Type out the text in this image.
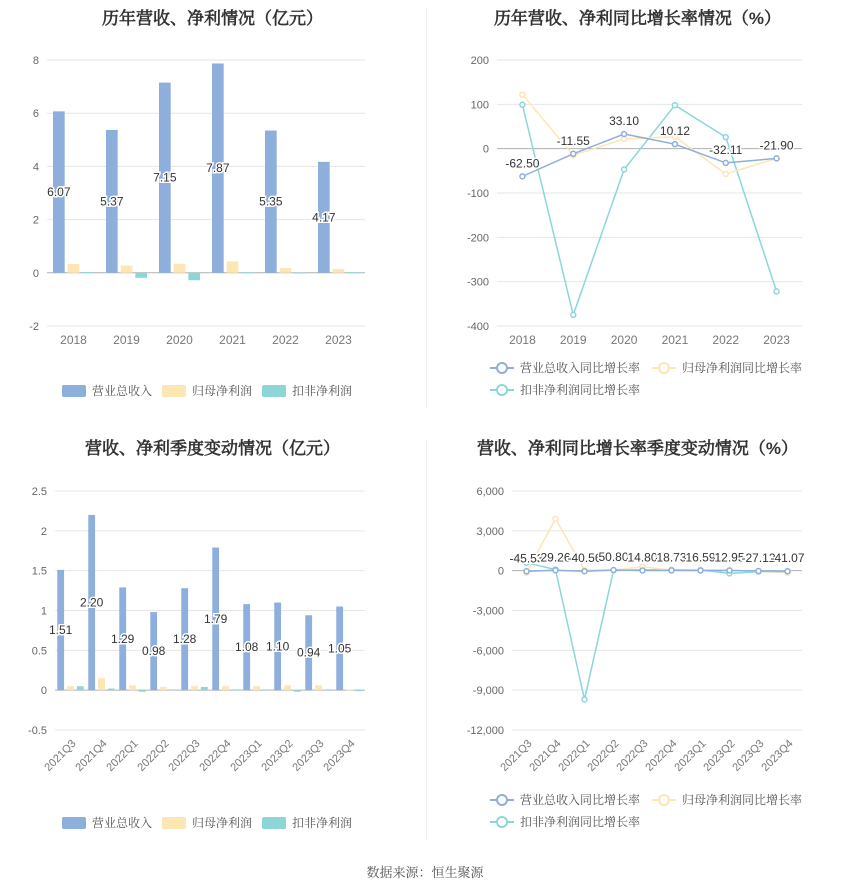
历年营收、净利情况（亿元）
-2
0
2
4
6
8
2018 2019 2020 2021 2022 2023
6.07
5.37
7.15
7.87
5.35
4.17
营业总收入	归母净利润	扣非净利润
历年营收、净利同比增长率情况（%）
-400
-300
-200
-100
0
100
200
2018 2019 2020 2021 2022 2023
-62.50
-11.55
33.10
10.12
-32.11 -21.90
营业总收入同比增长率	归母净利润同比增长率
扣非净利润同比增长率
营收、净利季度变动情况（亿元）
-0.5
0
0.5
1
1.5
2
2.5
2021Q3
2021Q4
2022Q1
2022Q2
2022Q3
2022Q4
2023Q1
2023Q2
2023Q3
2023Q4
1.51
2.20
1.29
0.98
1.28
1.79
1.08 1.10 0.94 1.05
营业总收入	归母净利润	扣非净利润
营收、净利同比增长率季度变动情况（%）
-12,000
-9,000
-6,000
-3,000
0
3,000
6,000
2021Q3
2021Q4
2022Q1
2022Q2
2022Q3
2022Q4
2023Q1
2023Q2
2023Q3
2023Q4
-45.53
29.26
-40.56
50.80
14.80
18.73
16.59
12.95
-27.12
-41.07
营业总收入同比增长率	归母净利润同比增长率
扣非净利润同比增长率
数据来源：恒生聚源
